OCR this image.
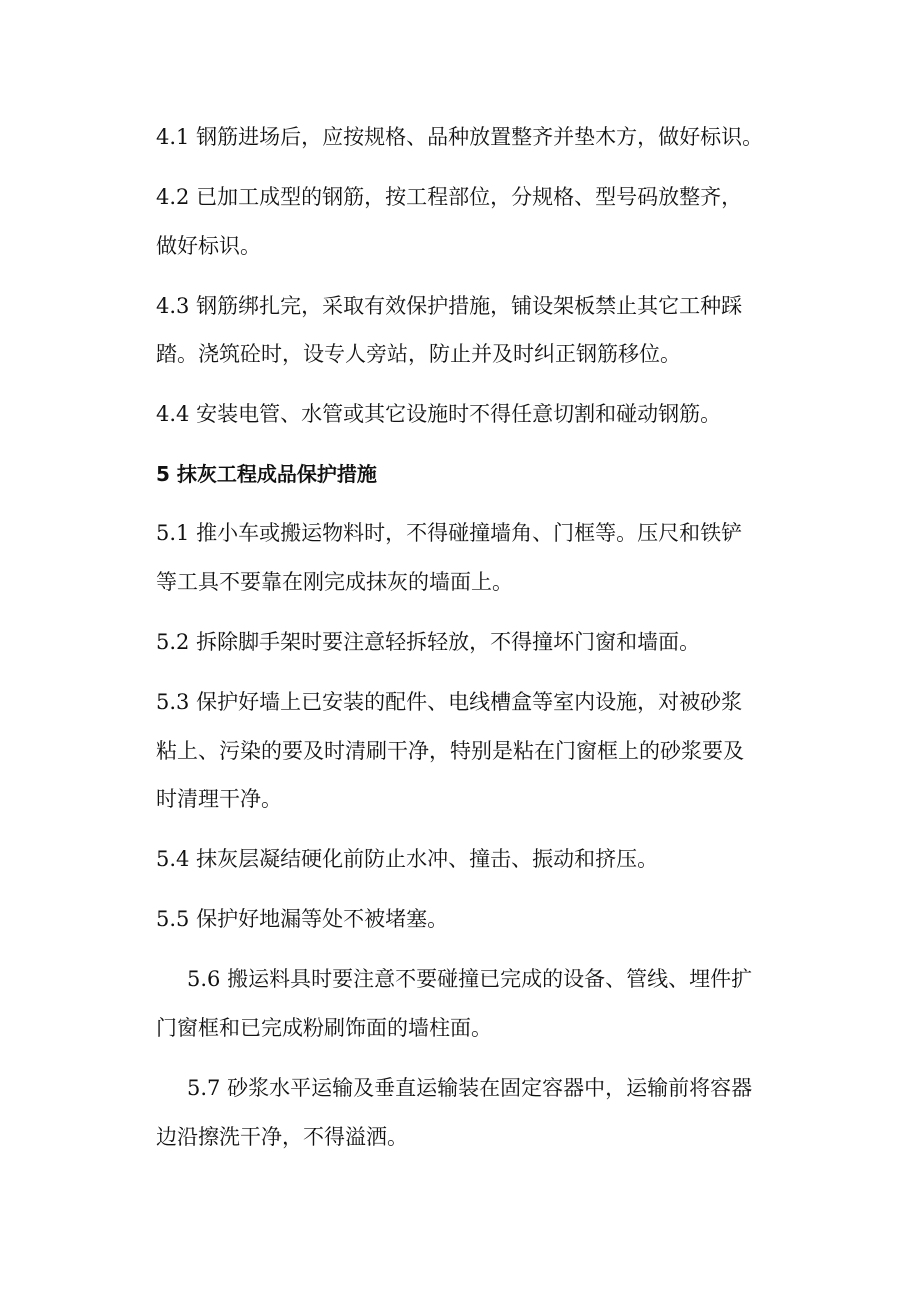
4.1 钢筋进场后，应按规格、品种放置整齐并垫木方，做好标识。
4.2 已加工成型的钢筋，按工程部位，分规格、型号码放整齐，
做好标识。
4.3 钢筋绑扎完，采取有效保护措施，铺设架板禁止其它工种踩
踏。浇筑砼时，设专人旁站，防止并及时纠正钢筋移位。
4.4 安装电管、水管或其它设施时不得任意切割和碰动钢筋。
5 抹灰工程成品保护措施
5.1 推小车或搬运物料时，不得碰撞墙角、门框等。压尺和铁铲
等工具不要靠在刚完成抹灰的墙面上。
5.2 拆除脚手架时要注意轻拆轻放，不得撞坏门窗和墙面。
5.3 保护好墙上已安装的配件、电线槽盒等室内设施，对被砂浆
粘上、污染的要及时清刷干净，特别是粘在门窗框上的砂浆要及
时清理干净。
5.4 抹灰层凝结硬化前防止水冲、撞击、振动和挤压。
5.5 保护好地漏等处不被堵塞。
5.6 搬运料具时要注意不要碰撞已完成的设备、管线、埋件扩
门窗框和已完成粉刷饰面的墙柱面。
5.7 砂浆水平运输及垂直运输装在固定容器中，运输前将容器
边沿擦洗干净，不得溢洒。
